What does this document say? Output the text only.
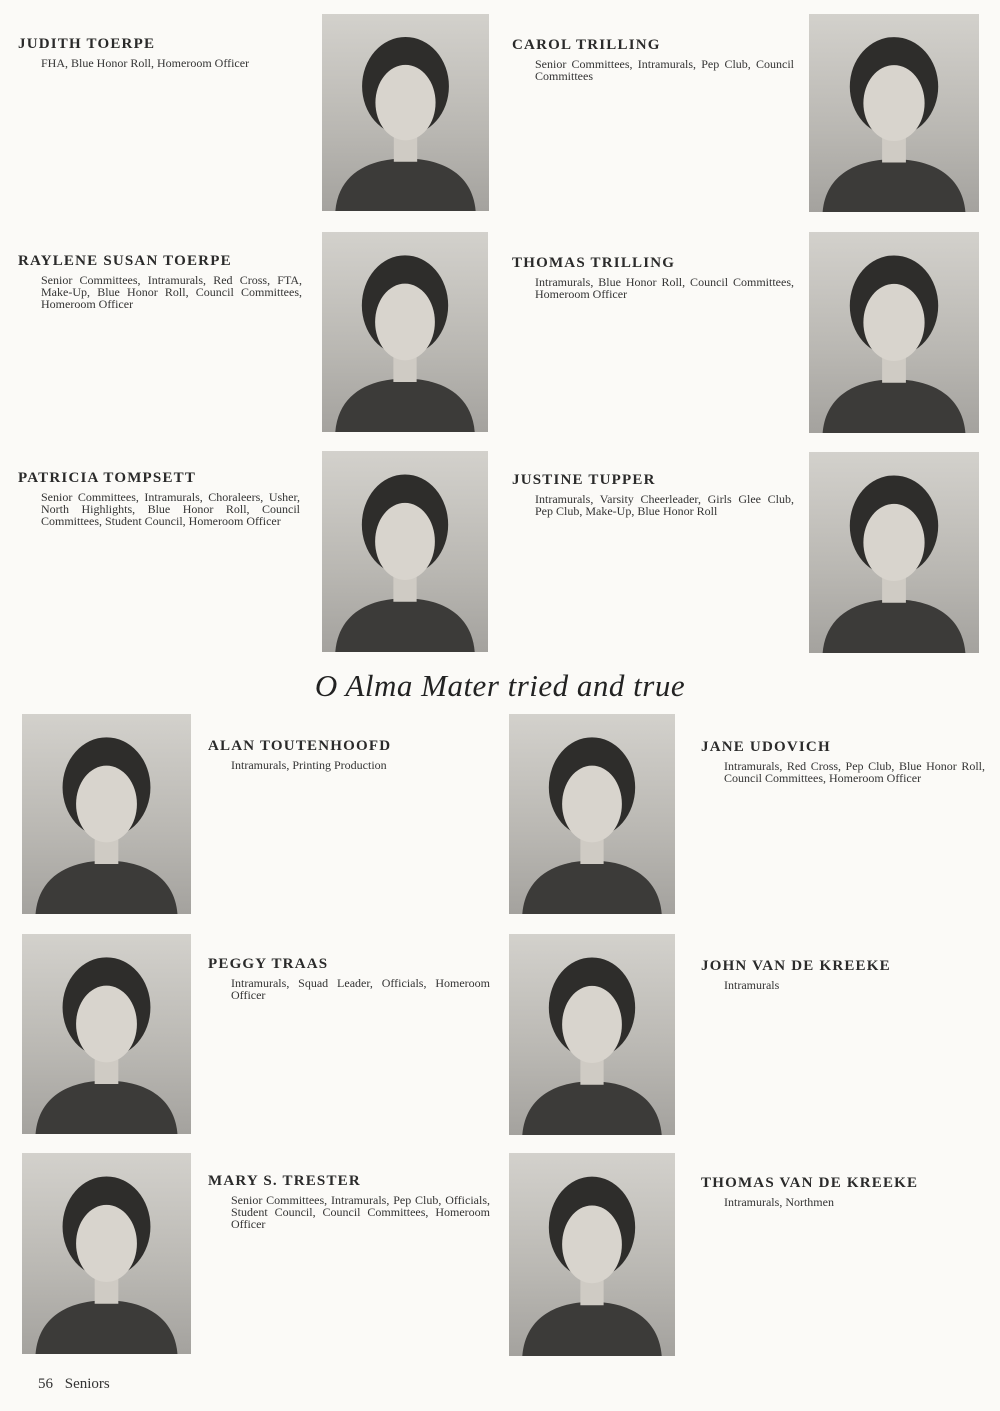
JUDITH TOERPE
FHA, Blue Honor Roll, Homeroom Officer
CAROL TRILLING
Senior Committees, Intramurals, Pep Club, Council Committees
RAYLENE SUSAN TOERPE
Senior Committees, Intramurals, Red Cross, FTA, Make-Up, Blue Honor Roll, Council Committees, Homeroom Officer
THOMAS TRILLING
Intramurals, Blue Honor Roll, Council Committees, Homeroom Officer
PATRICIA TOMPSETT
Senior Committees, Intramurals, Choraleers, Usher, North Highlights, Blue Honor Roll, Council Committees, Student Council, Homeroom Officer
JUSTINE TUPPER
Intramurals, Varsity Cheerleader, Girls Glee Club, Pep Club, Make-Up, Blue Honor Roll
O Alma Mater tried and true
ALAN TOUTENHOOFD
Intramurals, Printing Production
JANE UDOVICH
Intramurals, Red Cross, Pep Club, Blue Honor Roll, Council Committees, Homeroom Officer
PEGGY TRAAS
Intramurals, Squad Leader, Officials, Homeroom Officer
JOHN VAN DE KREEKE
Intramurals
MARY S. TRESTER
Senior Committees, Intramurals, Pep Club, Officials, Student Council, Council Committees, Homeroom Officer
THOMAS VAN DE KREEKE
Intramurals, Northmen
56 Seniors
